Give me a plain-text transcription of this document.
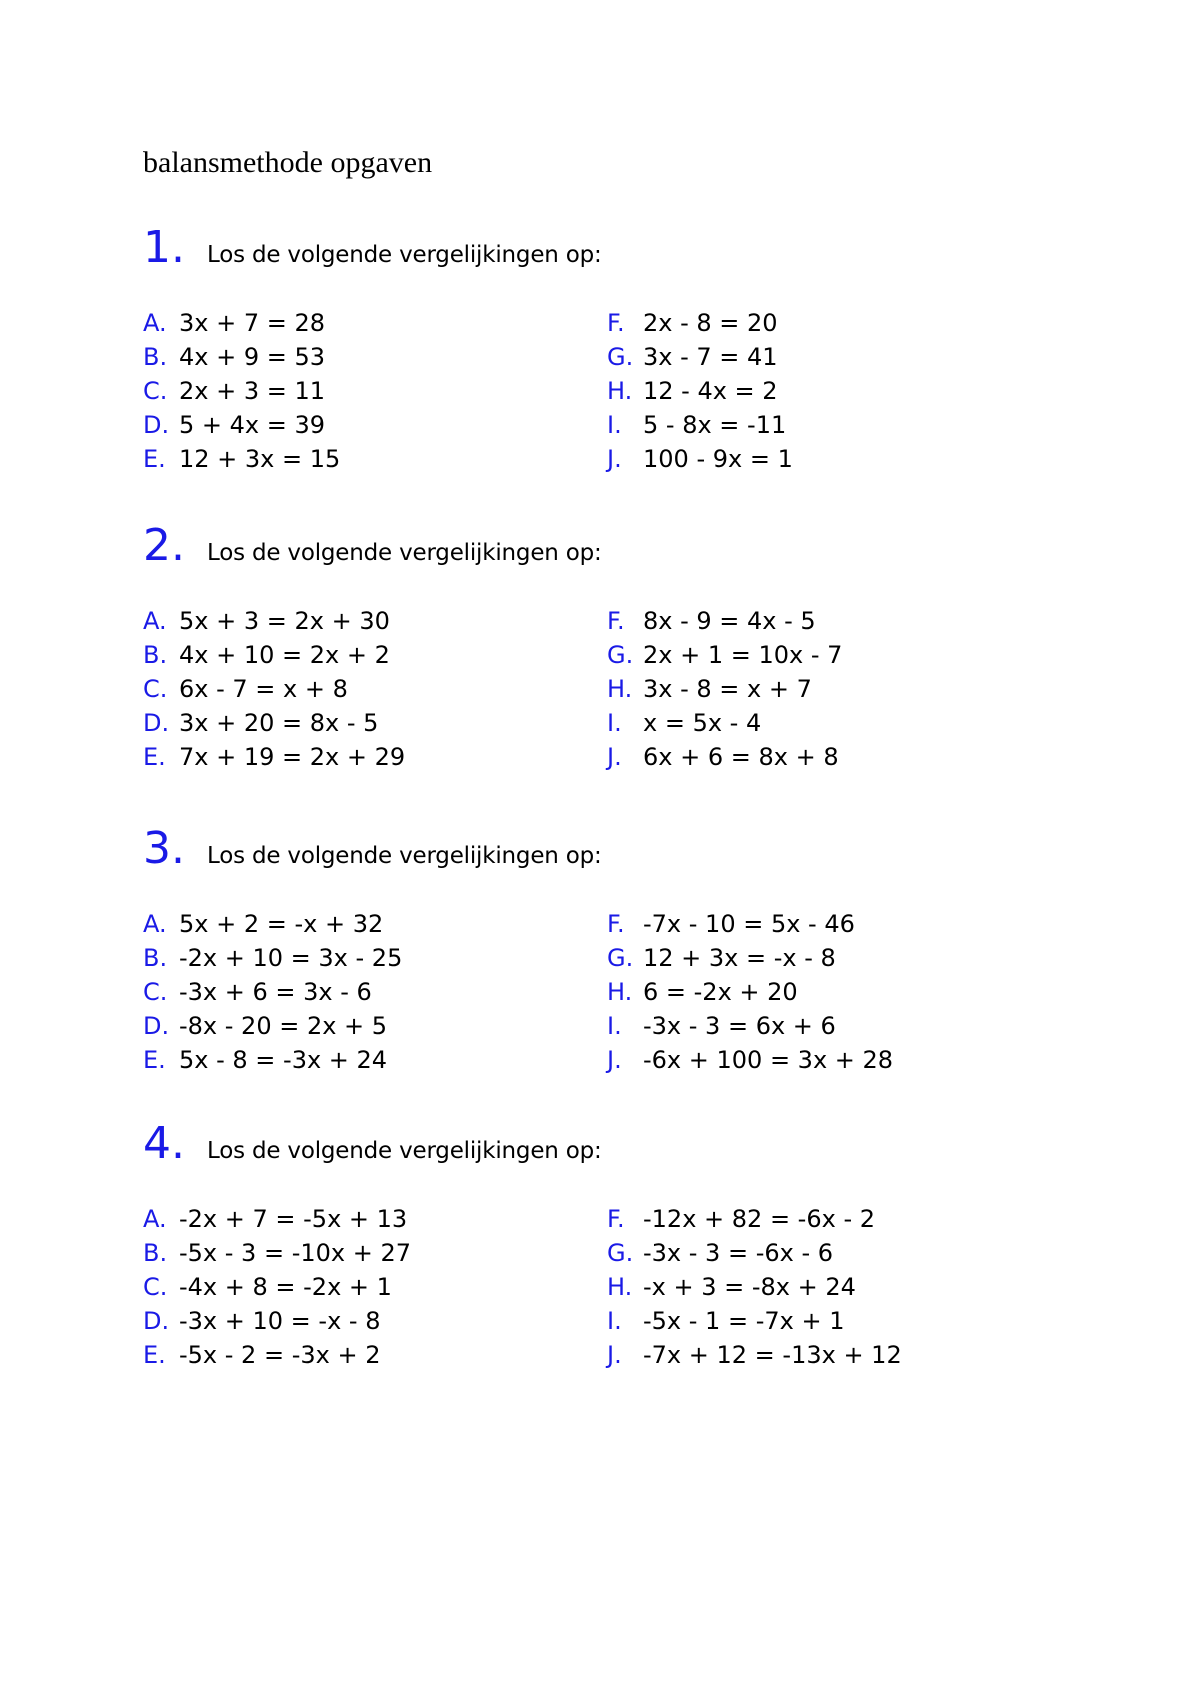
balansmethode opgaven
1. Los de volgende vergelijkingen op:
A. 3x + 7 = 28
B. 4x + 9 = 53
C. 2x + 3 = 11
D. 5 + 4x = 39
E. 12 + 3x = 15
F. 2x - 8 = 20
G. 3x - 7 = 41
H. 12 - 4x = 2
I. 5 - 8x = -11
J. 100 - 9x = 1
2. Los de volgende vergelijkingen op:
A. 5x + 3 = 2x + 30
B. 4x + 10 = 2x + 2
C. 6x - 7 = x + 8
D. 3x + 20 = 8x - 5
E. 7x + 19 = 2x + 29
F. 8x - 9 = 4x - 5
G. 2x + 1 = 10x - 7
H. 3x - 8 = x + 7
I. x = 5x - 4
J. 6x + 6 = 8x + 8
3. Los de volgende vergelijkingen op:
A. 5x + 2 = -x + 32
B. -2x + 10 = 3x - 25
C. -3x + 6 = 3x - 6
D. -8x - 20 = 2x + 5
E. 5x - 8 = -3x + 24
F. -7x - 10 = 5x - 46
G. 12 + 3x = -x - 8
H. 6 = -2x + 20
I. -3x - 3 = 6x + 6
J. -6x + 100 = 3x + 28
4. Los de volgende vergelijkingen op:
A. -2x + 7 = -5x + 13
B. -5x - 3 = -10x + 27
C. -4x + 8 = -2x + 1
D. -3x + 10 = -x - 8
E. -5x - 2 = -3x + 2
F. -12x + 82 = -6x - 2
G. -3x - 3 = -6x - 6
H. -x + 3 = -8x + 24
I. -5x - 1 = -7x + 1
J. -7x + 12 = -13x + 12
